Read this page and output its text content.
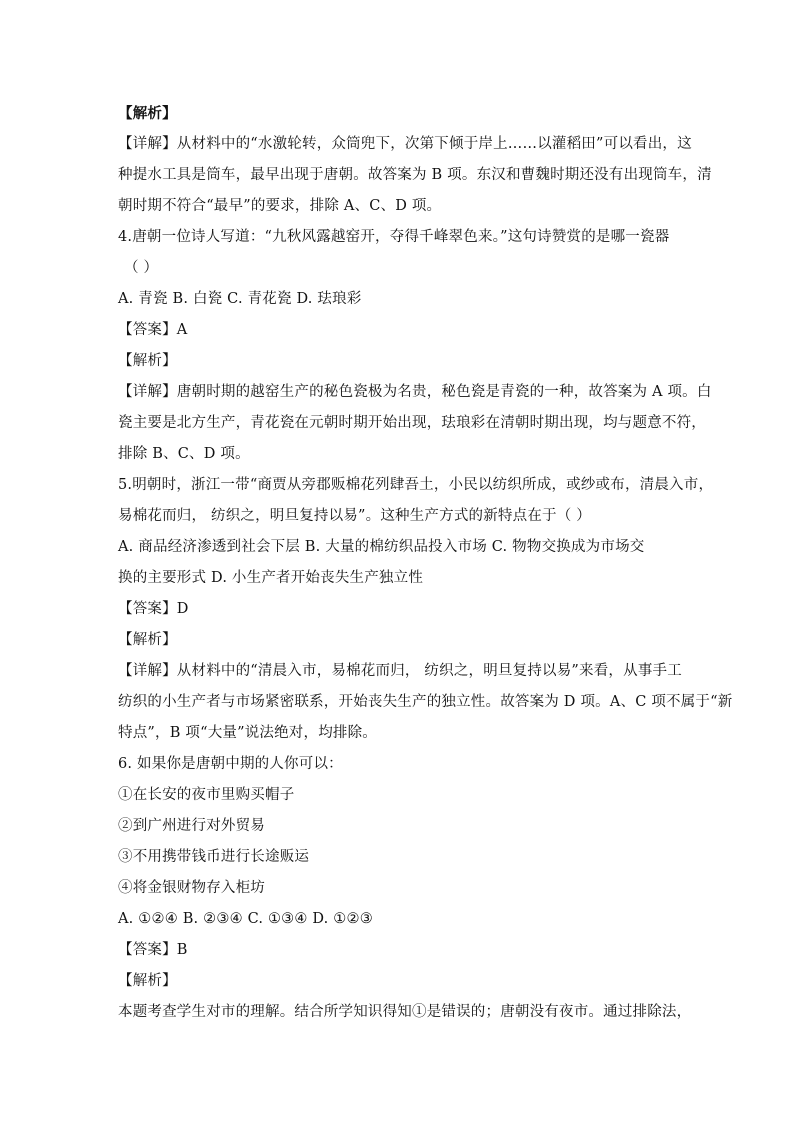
【解析】
【详解】从材料中的“水激轮转，众筒兜下，次第下倾于岸上……以灌稻田”可以看出，这
种提水工具是筒车，最早出现于唐朝。故答案为 B 项。东汉和曹魏时期还没有出现筒车，清
朝时期不符合“最早”的要求，排除 A、C、D 项。
4.唐朝一位诗人写道：“九秋风露越窑开，夺得千峰翠色来。”这句诗赞赏的是哪一瓷器
（ ）
A. 青瓷 B. 白瓷 C. 青花瓷 D. 珐琅彩
【答案】A
【解析】
【详解】唐朝时期的越窑生产的秘色瓷极为名贵，秘色瓷是青瓷的一种，故答案为 A 项。白
瓷主要是北方生产，青花瓷在元朝时期开始出现，珐琅彩在清朝时期出现，均与题意不符，
排除 B、C、D 项。
5.明朝时，浙江一带“商贾从旁郡贩棉花列肆吾土，小民以纺织所成，或纱或布，清晨入市，
易棉花而归， 纺织之，明旦复持以易”。这种生产方式的新特点在于（ ）
A. 商品经济渗透到社会下层 B. 大量的棉纺织品投入市场 C. 物物交换成为市场交
换的主要形式 D. 小生产者开始丧失生产独立性
【答案】D
【解析】
【详解】从材料中的“清晨入市，易棉花而归， 纺织之，明旦复持以易”来看，从事手工
纺织的小生产者与市场紧密联系，开始丧失生产的独立性。故答案为 D 项。A、C 项不属于“新
特点”，B 项“大量”说法绝对，均排除。
6. 如果你是唐朝中期的人你可以：
①在长安的夜市里购买帽子
②到广州进行对外贸易
③不用携带钱币进行长途贩运
④将金银财物存入柜坊
A. ①②④ B. ②③④ C. ①③④ D. ①②③
【答案】B
【解析】
本题考查学生对市的理解。结合所学知识得知①是错误的；唐朝没有夜市。通过排除法，
